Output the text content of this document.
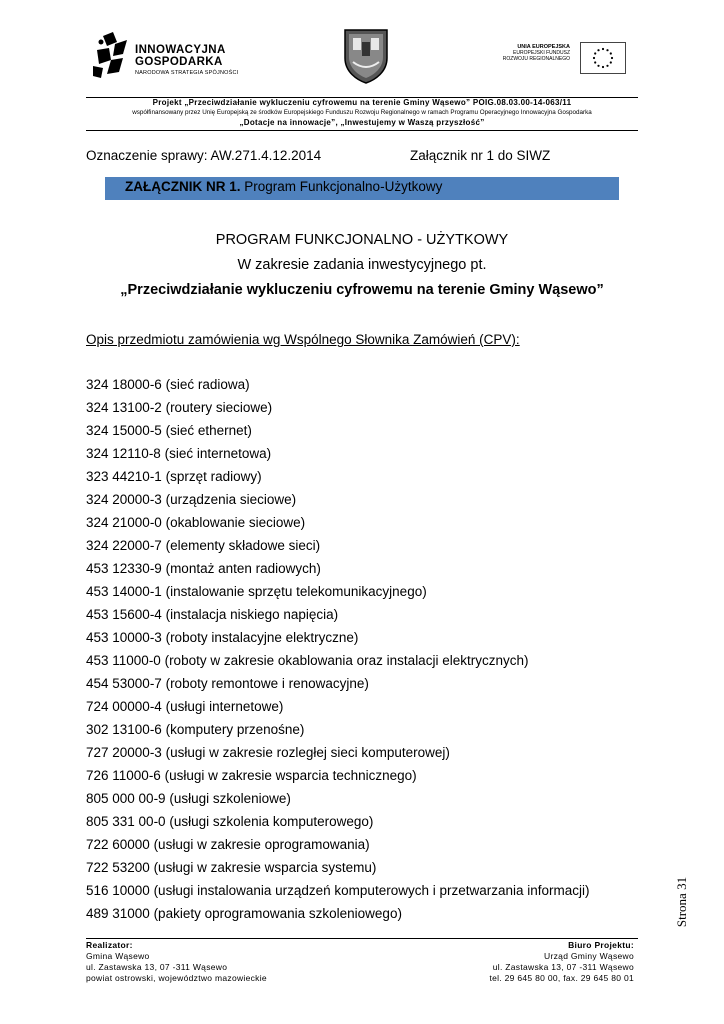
INNOWACYJNA
GOSPODARKA
NARODOWA STRATEGIA SPÓJNOŚCI
UNIA EUROPEJSKA
EUROPEJSKI FUNDUSZ
ROZWOJU REGIONALNEGO
Projekt „Przeciwdziałanie wykluczeniu cyfrowemu na terenie Gminy Wąsewo” POIG.08.03.00-14-063/11
współfinansowany przez Unię Europejską ze środków Europejskiego Funduszu Rozwoju Regionalnego w ramach Programu Operacyjnego Innowacyjna Gospodarka
„Dotacje na innowacje”, „Inwestujemy w Waszą przyszłość”
Oznaczenie sprawy: AW.271.4.12.2014	Załącznik nr 1 do SIWZ
ZAŁĄCZNIK NR 1. Program Funkcjonalno-Użytkowy
PROGRAM FUNKCJONALNO - UŻYTKOWY
W zakresie zadania inwestycyjnego pt.
„Przeciwdziałanie wykluczeniu cyfrowemu na terenie Gminy Wąsewo”
Opis przedmiotu zamówienia wg Wspólnego Słownika Zamówień (CPV):
324 18000-6 (sieć radiowa)
324 13100-2 (routery sieciowe)
324 15000-5 (sieć ethernet)
324 12110-8 (sieć internetowa)
323 44210-1 (sprzęt radiowy)
324 20000-3 (urządzenia sieciowe)
324 21000-0 (okablowanie sieciowe)
324 22000-7 (elementy składowe sieci)
453 12330-9 (montaż anten radiowych)
453 14000-1 (instalowanie sprzętu telekomunikacyjnego)
453 15600-4 (instalacja niskiego napięcia)
453 10000-3 (roboty instalacyjne elektryczne)
453 11000-0 (roboty w zakresie okablowania oraz instalacji elektrycznych)
454 53000-7 (roboty remontowe i renowacyjne)
724 00000-4 (usługi internetowe)
302 13100-6 (komputery przenośne)
727 20000-3 (usługi w zakresie rozległej sieci komputerowej)
726 11000-6 (usługi w zakresie wsparcia technicznego)
805 000 00-9 (usługi szkoleniowe)
805 331 00-0 (usługi szkolenia komputerowego)
722 60000 (usługi w zakresie oprogramowania)
722 53200 (usługi w zakresie wsparcia systemu)
516 10000 (usługi instalowania urządzeń komputerowych i przetwarzania informacji)
489 31000 (pakiety oprogramowania szkoleniowego)	Strona 31
Realizator:
Gmina Wąsewo
ul. Zastawska 13, 07 -311 Wąsewo
powiat ostrowski, województwo mazowieckie
Biuro Projektu:
Urząd Gminy Wąsewo
ul. Zastawska 13, 07 -311 Wąsewo
tel. 29 645 80 00, fax. 29 645 80 01
